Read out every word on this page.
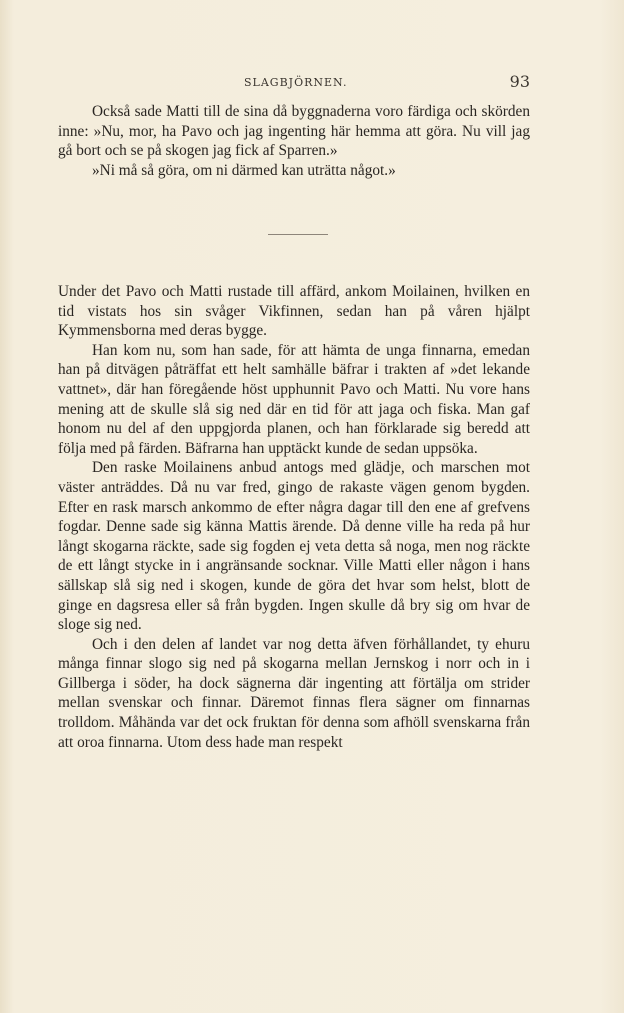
SLAGBJÖRNEN.	93

Också sade Matti till de sina då byggnaderna voro färdiga och skörden inne: »Nu, mor, ha Pavo och jag ingenting här hemma att göra. Nu vill jag gå bort och se på skogen jag fick af Sparren.»

»Ni må så göra, om ni därmed kan uträtta något.»

Under det Pavo och Matti rustade till affärd, ankom Moilainen, hvilken en tid vistats hos sin svåger Vikfinnen, sedan han på våren hjälpt Kymmensborna med deras bygge.

Han kom nu, som han sade, för att hämta de unga finnarna, emedan han på ditvägen påträffat ett helt samhälle bäfrar i trakten af »det lekande vattnet», där han föregående höst upphunnit Pavo och Matti. Nu vore hans mening att de skulle slå sig ned där en tid för att jaga och fiska. Man gaf honom nu del af den uppgjorda planen, och han förklarade sig beredd att följa med på färden. Bäfrarna han upptäckt kunde de sedan uppsöka.

Den raske Moilainens anbud antogs med glädje, och marschen mot väster anträddes. Då nu var fred, gingo de rakaste vägen genom bygden. Efter en rask marsch ankommo de efter några dagar till den ene af grefvens fogdar. Denne sade sig känna Mattis ärende. Då denne ville ha reda på hur långt skogarna räckte, sade sig fogden ej veta detta så noga, men nog räckte de ett långt stycke in i angränsande socknar. Ville Matti eller någon i hans sällskap slå sig ned i skogen, kunde de göra det hvar som helst, blott de ginge en dagsresa eller så från bygden. Ingen skulle då bry sig om hvar de sloge sig ned.

Och i den delen af landet var nog detta äfven förhållandet, ty ehuru många finnar slogo sig ned på skogarna mellan Jernskog i norr och in i Gillberga i söder, ha dock sägnerna där ingenting att förtälja om strider mellan svenskar och finnar. Däremot finnas flera sägner om finnarnas trolldom. Måhända var det ock fruktan för denna som afhöll svenskarna från att oroa finnarna. Utom dess hade man respekt
